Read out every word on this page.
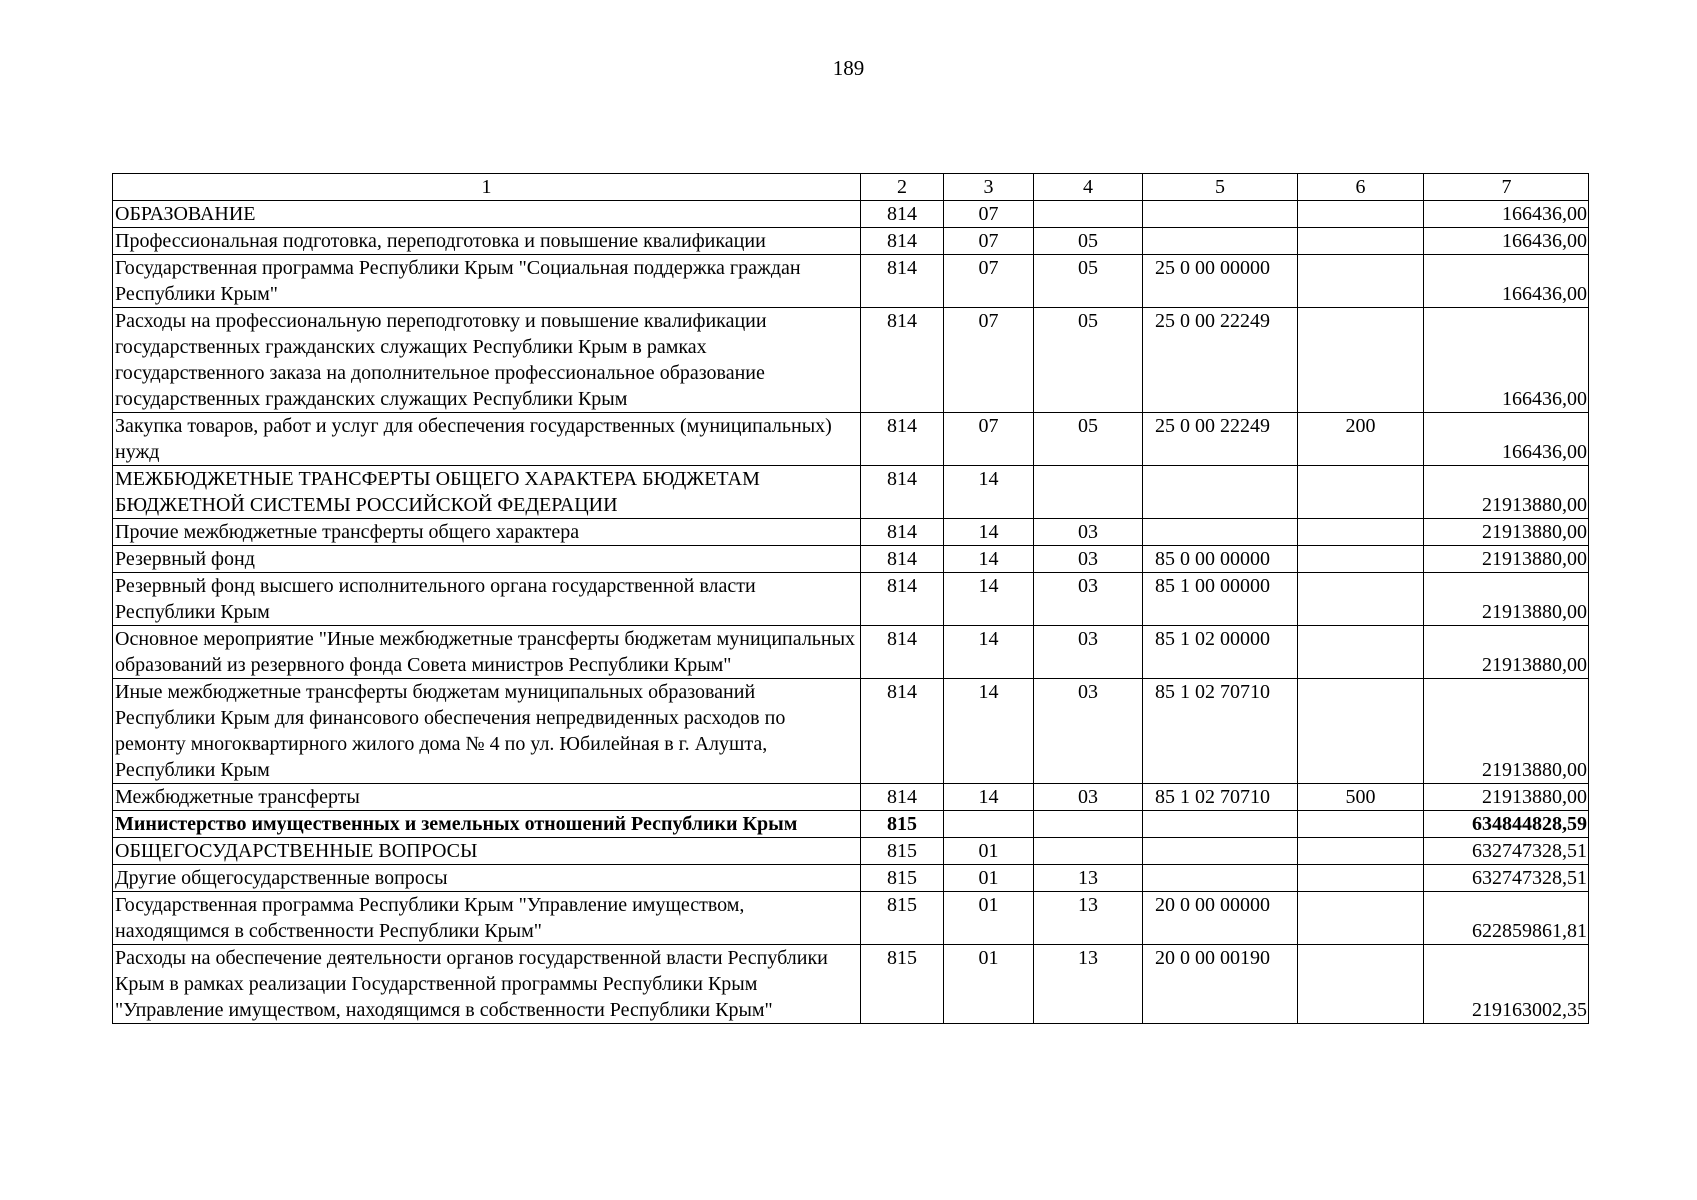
189
1	2	3	4	5	6	7
ОБРАЗОВАНИЕ	814	07				166436,00
Профессиональная подготовка, переподготовка и повышение квалификации	814	07	05			166436,00
Государственная программа Республики Крым "Социальная поддержка граждан Республики Крым"	814	07	05	25 0 00 00000		166436,00
Расходы на профессиональную переподготовку и повышение квалификации государственных гражданских служащих Республики Крым в рамках государственного заказа на дополнительное профессиональное образование государственных гражданских служащих Республики Крым	814	07	05	25 0 00 22249		166436,00
Закупка товаров, работ и услуг для обеспечения государственных (муниципальных) нужд	814	07	05	25 0 00 22249	200	166436,00
МЕЖБЮДЖЕТНЫЕ ТРАНСФЕРТЫ ОБЩЕГО ХАРАКТЕРА БЮДЖЕТАМ БЮДЖЕТНОЙ СИСТЕМЫ РОССИЙСКОЙ ФЕДЕРАЦИИ	814	14				21913880,00
Прочие межбюджетные трансферты общего характера	814	14	03			21913880,00
Резервный фонд	814	14	03	85 0 00 00000		21913880,00
Резервный фонд высшего исполнительного органа государственной власти Республики Крым	814	14	03	85 1 00 00000		21913880,00
Основное мероприятие "Иные межбюджетные трансферты бюджетам муниципальных образований из резервного фонда Совета министров Республики Крым"	814	14	03	85 1 02 00000		21913880,00
Иные межбюджетные трансферты бюджетам муниципальных образований Республики Крым для финансового обеспечения непредвиденных расходов по ремонту многоквартирного жилого дома № 4 по ул. Юбилейная в г. Алушта, Республики Крым	814	14	03	85 1 02 70710		21913880,00
Межбюджетные трансферты	814	14	03	85 1 02 70710	500	21913880,00
Министерство имущественных и земельных отношений Республики Крым	815					634844828,59
ОБЩЕГОСУДАРСТВЕННЫЕ ВОПРОСЫ	815	01				632747328,51
Другие общегосударственные вопросы	815	01	13			632747328,51
Государственная программа Республики Крым "Управление имуществом, находящимся в собственности Республики Крым"	815	01	13	20 0 00 00000		622859861,81
Расходы на обеспечение деятельности органов государственной власти Республики Крым в рамках реализации Государственной программы Республики Крым "Управление имуществом, находящимся в собственности Республики Крым"	815	01	13	20 0 00 00190		219163002,35
